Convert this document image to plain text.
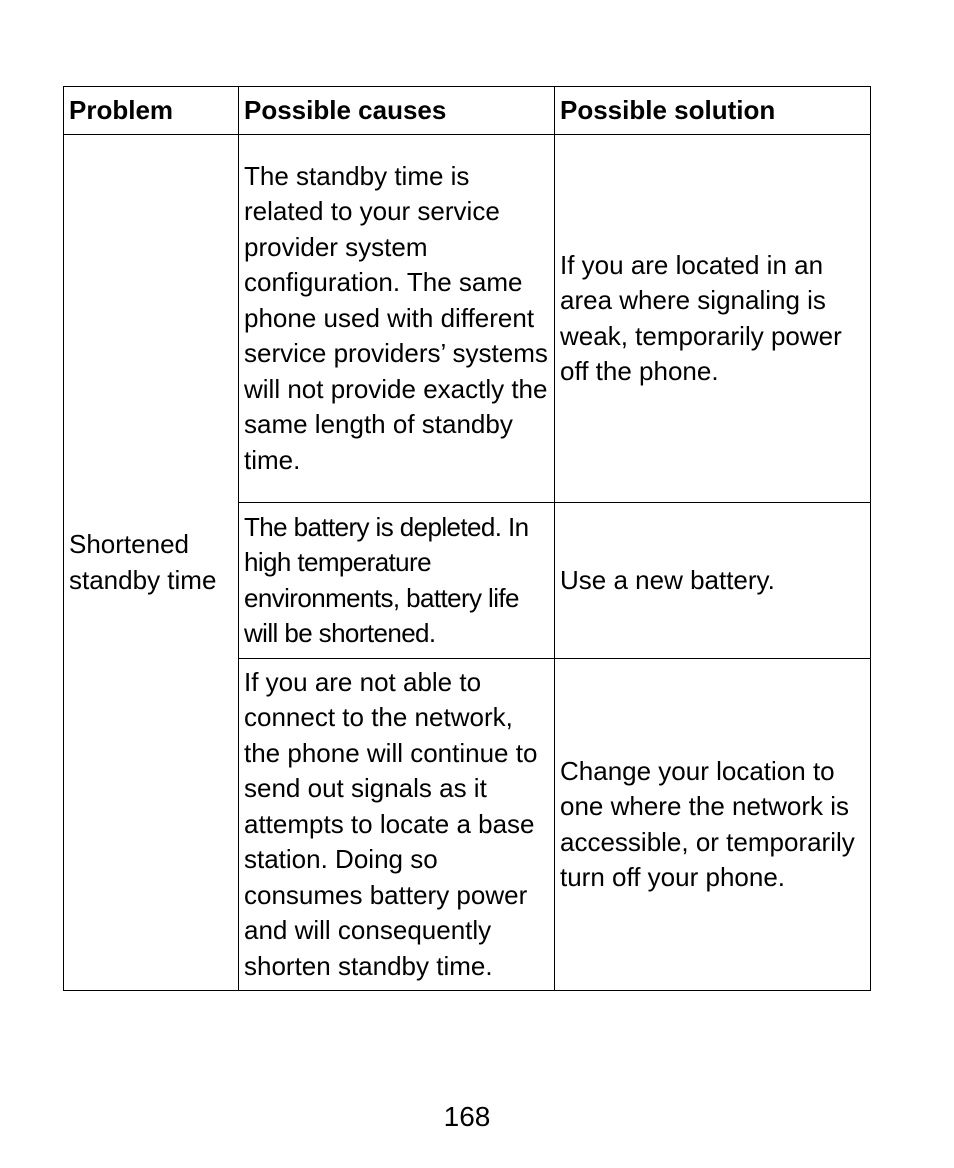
Problem	Possible causes	Possible solution
Shortened standby time	The standby time is related to your service provider system configuration. The same phone used with different service providers’ systems will not provide exactly the same length of standby time.	If you are located in an area where signaling is weak, temporarily power off the phone.
	The battery is depleted. In high temperature environments, battery life will be shortened.	Use a new battery.
	If you are not able to connect to the network, the phone will continue to send out signals as it attempts to locate a base station. Doing so consumes battery power and will consequently shorten standby time.	Change your location to one where the network is accessible, or temporarily turn off your phone.
168
